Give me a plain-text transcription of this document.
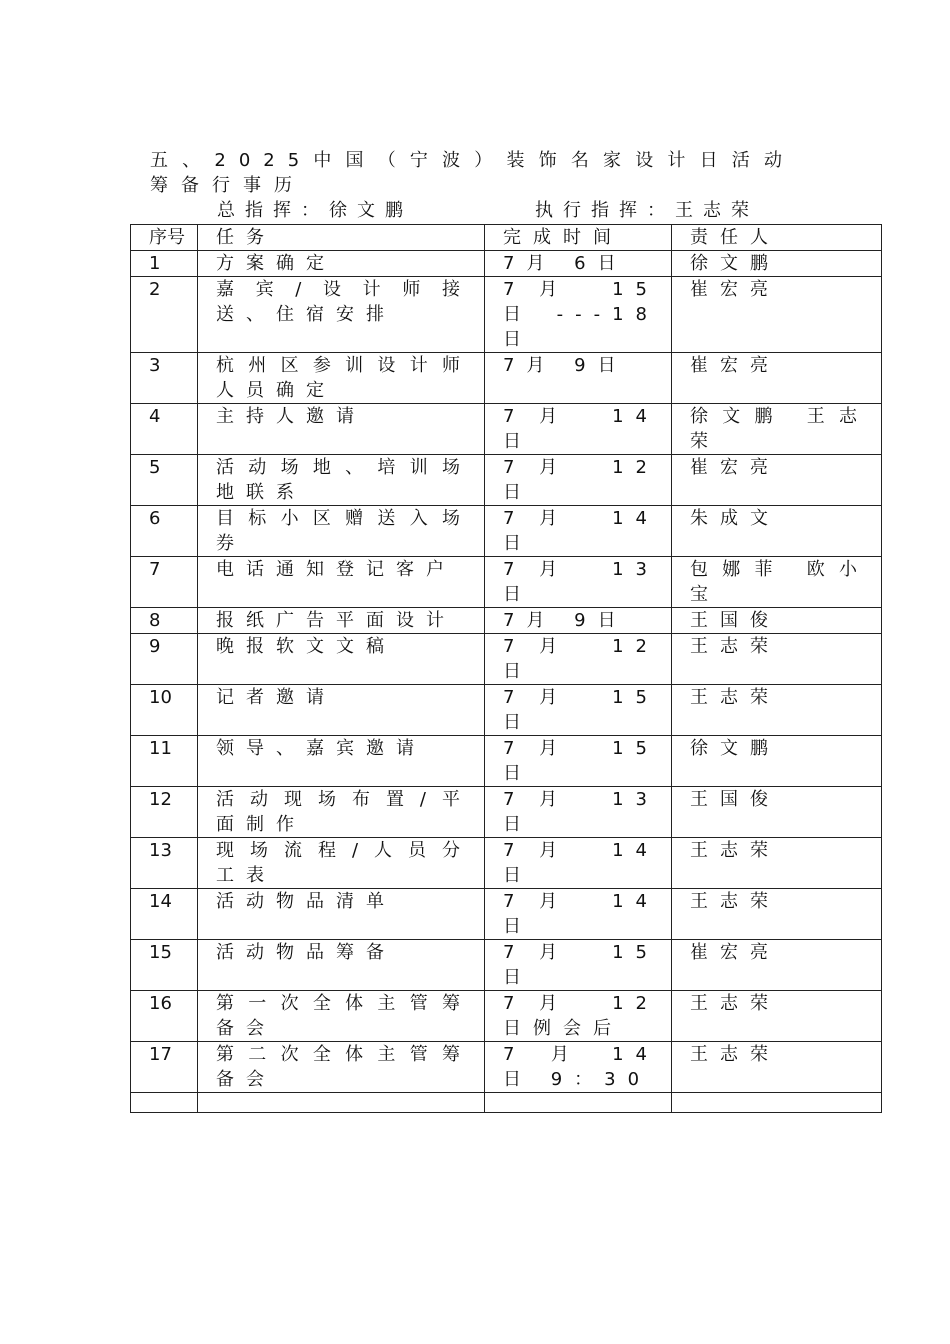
五、2025中国（宁波）装饰名家设计日活动筹备行事历
总指挥：徐文鹏	执行指挥：王志荣
序号	任务	完成时间	责任人
1	方案确定	7月 6日	徐文鹏
2	嘉宾/设计师接送、住宿安排	7月 15 日 ---18日	崔宏亮
3	杭州区参训设计师人员确定	7月 9日	崔宏亮
4	主持人邀请	7月 14 日	徐文鹏 王志荣
5	活动场地、培训场地联系	7月 12 日	崔宏亮
6	目标小区赠送入场券	7月 14 日	朱成文
7	电话通知登记客户	7月 13 日	包娜菲 欧小宝
8	报纸广告平面设计	7月 9日	王国俊
9	晚报软文文稿	7月 12 日	王志荣
10	记者邀请	7月 15 日	王志荣
11	领导、嘉宾邀请	7月 15 日	徐文鹏
12	活动现场布置/平面制作	7月 13 日	王国俊
13	现场流程/人员分工表	7月 14 日	王志荣
14	活动物品清单	7月 14 日	王志荣
15	活动物品筹备	7月 15 日	崔宏亮
16	第一次全体主管筹备会	7月 12 日例会后	王志荣
17	第二次全体主管筹备会	7 月 14 日 9：30	王志荣
